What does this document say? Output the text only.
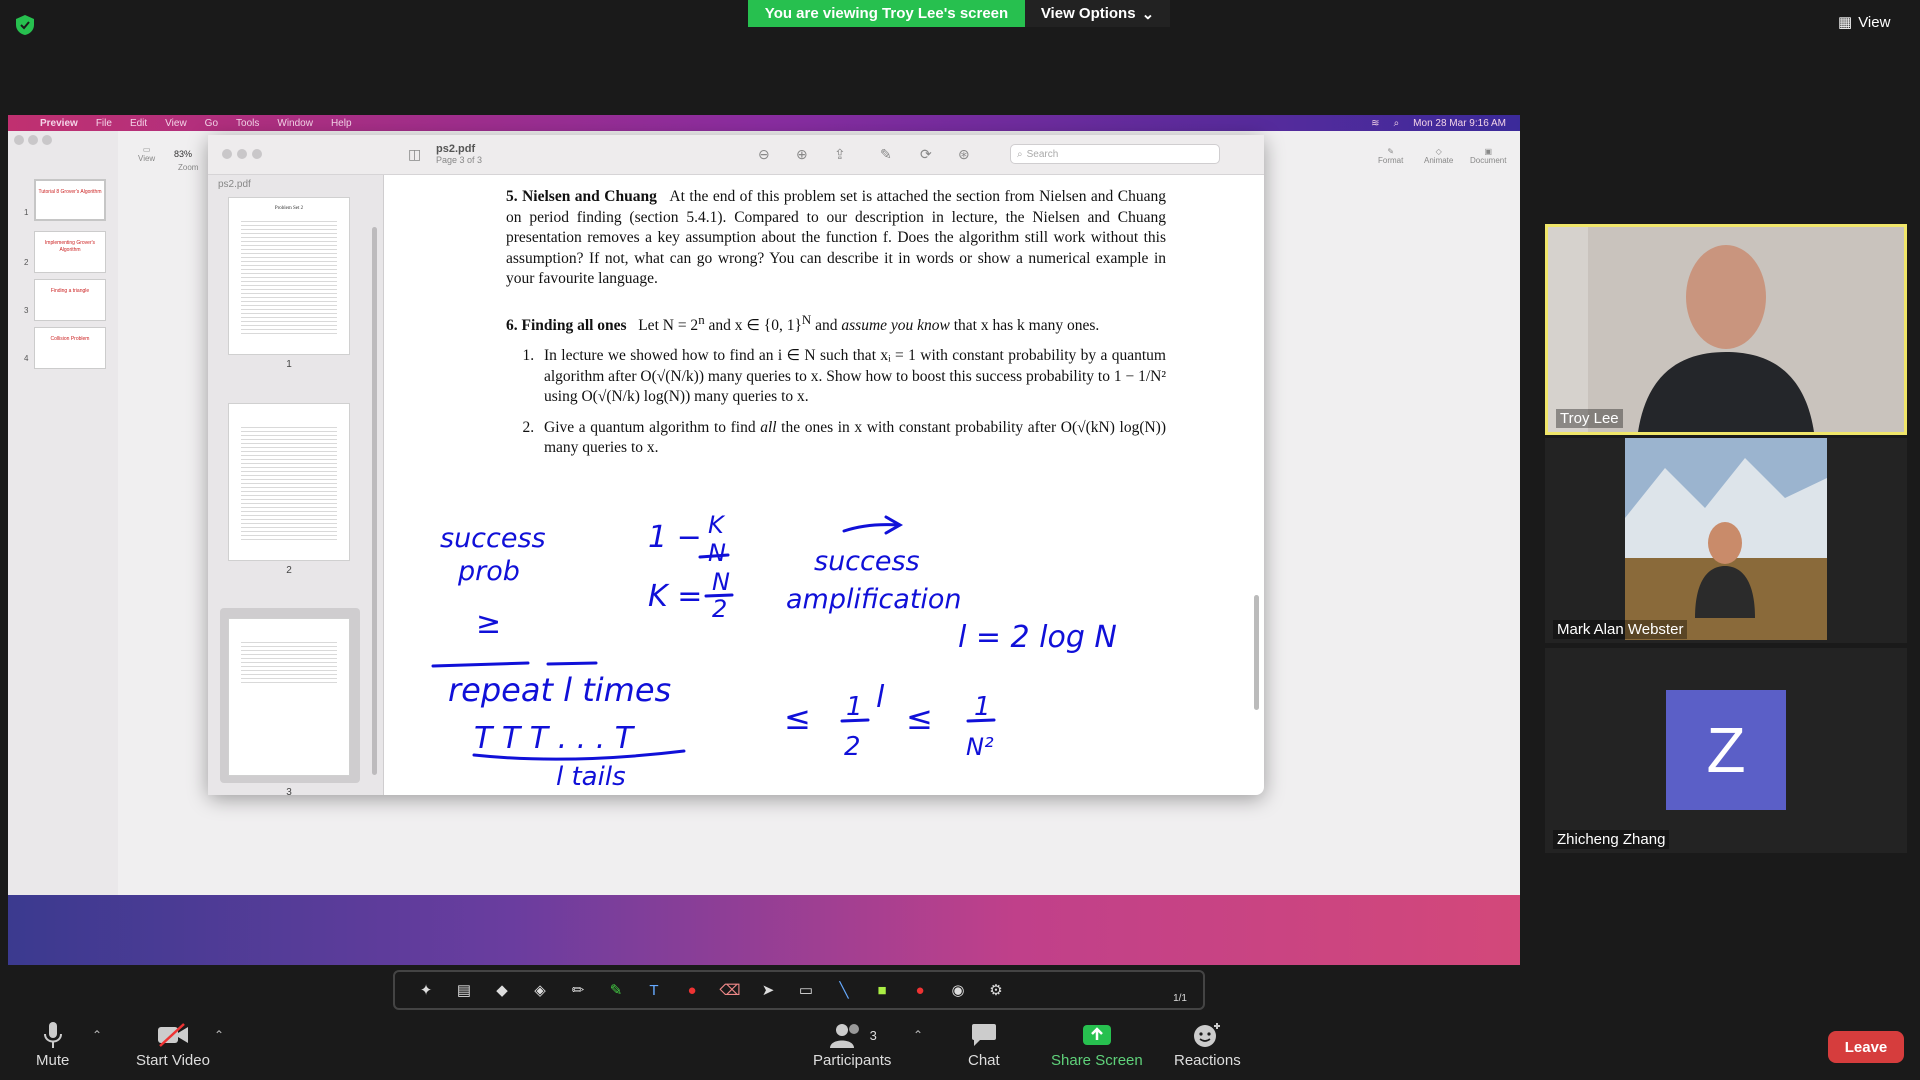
You are viewing Troy Lee's screen	View Options ⌄	▦ View
Preview File Edit View Go Tools Window Help	≋ ⌕ Mon 28 Mar 9:16 AM
▭
View 83%
Zoom
✎
Format
◇
Animate
▣
Document
Tutorial 8 Grover's Algorithm
1
Implementing Grover's Algorithm
2
Finding a triangle
3
Collision Problem
4
◫ ps2.pdf
Page 3 of 3	⊖ ⊕ ⇪ ✎ ⟳ ⊛	⌕ Search
ps2.pdf
Problem Set 2
1
2
3

5. Nielsen and Chuang At the end of this problem set is attached the section from Nielsen and Chuang on period finding (section 5.4.1). Compared to our description in lecture, the Nielsen and Chuang presentation removes a key assumption about the function f. Does the algorithm still work without this assumption? If not, what can go wrong? You can describe it in words or show a numerical example in your favourite language.

6. Finding all ones Let $N = 2^n$ and x ∈ {0, 1}$^N$ and assume you know that x has k many ones.

1. In lecture we showed how to find an i ∈ N such that xᵢ = 1 with constant probability by a quantum algorithm after O(√(N/k)) many queries to x. Show how to boost this success probability to 1 − 1/N² using O(√(N/k) log(N)) many queries to x.
2. Give a quantum algorithm to find all the ones in x with constant probability after O(√(kN) log(N)) many queries to x.
success
prob
≥
1 − K
N
K = N
2
success
amplification
l = 2 log N
repeat l times
T T T . . . T
l tails
≤ 1
2
l
≤ 1
N²
✦	▤	◆	◈	✏	✎	T	●	⌫	➤	▭	╲	■	●	◉ ⚙	1/1
Troy Lee
Mark Alan Webster
Z
Zhicheng Zhang
Mute
⌃
Start Video
⌃	3
Participants
⌃
Chat	Share Screen Reactions
Leave
